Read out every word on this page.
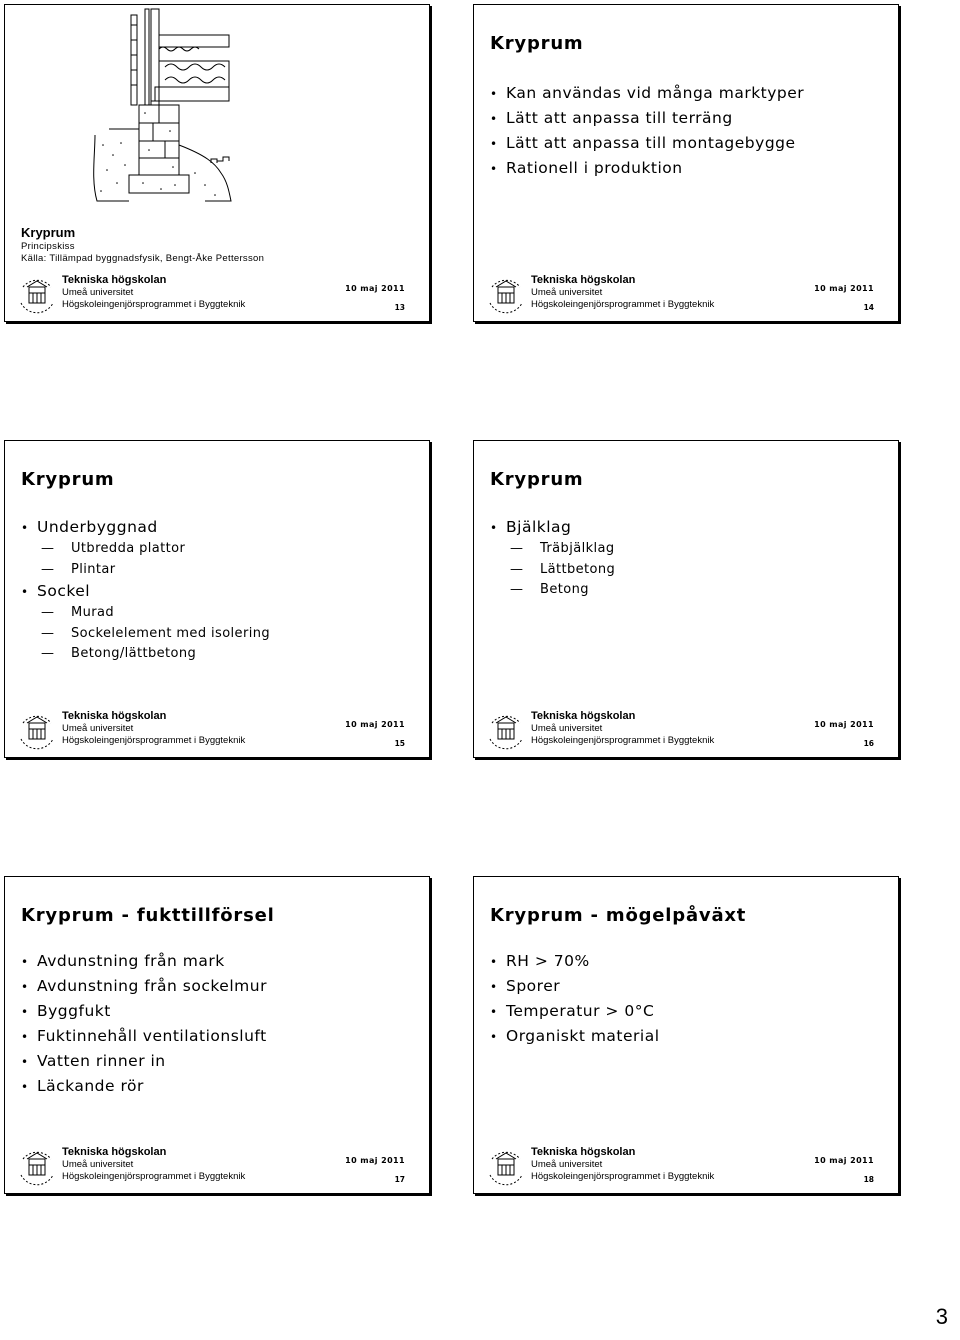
Kryprum
Principskiss
Källa: Tillämpad byggnadsfysik, Bengt-Åke Pettersson
Tekniska högskolan
Umeå universitet
Högskoleingenjörsprogrammet i Byggteknik
10 maj 2011
13
Kryprum
• Kan användas vid många marktyper
• Lätt att anpassa till terräng
• Lätt att anpassa till montagebygge
• Rationell i produktion
Tekniska högskolan
Umeå universitet
Högskoleingenjörsprogrammet i Byggteknik
10 maj 2011
14
Kryprum
• Underbyggnad
— Utbredda plattor
— Plintar
• Sockel
— Murad
— Sockelelement med isolering
— Betong/lättbetong
Tekniska högskolan
Umeå universitet
Högskoleingenjörsprogrammet i Byggteknik
10 maj 2011
15
Kryprum
• Bjälklag
— Träbjälklag
— Lättbetong
— Betong
Tekniska högskolan
Umeå universitet
Högskoleingenjörsprogrammet i Byggteknik
10 maj 2011
16
Kryprum - fukttillförsel
• Avdunstning från mark
• Avdunstning från sockelmur
• Byggfukt
• Fuktinnehåll ventilationsluft
• Vatten rinner in
• Läckande rör
Tekniska högskolan
Umeå universitet
Högskoleingenjörsprogrammet i Byggteknik
10 maj 2011
17
Kryprum - mögelpåväxt
• RH > 70%
• Sporer
• Temperatur > 0°C
• Organiskt material
Tekniska högskolan
Umeå universitet
Högskoleingenjörsprogrammet i Byggteknik
10 maj 2011
18
3
